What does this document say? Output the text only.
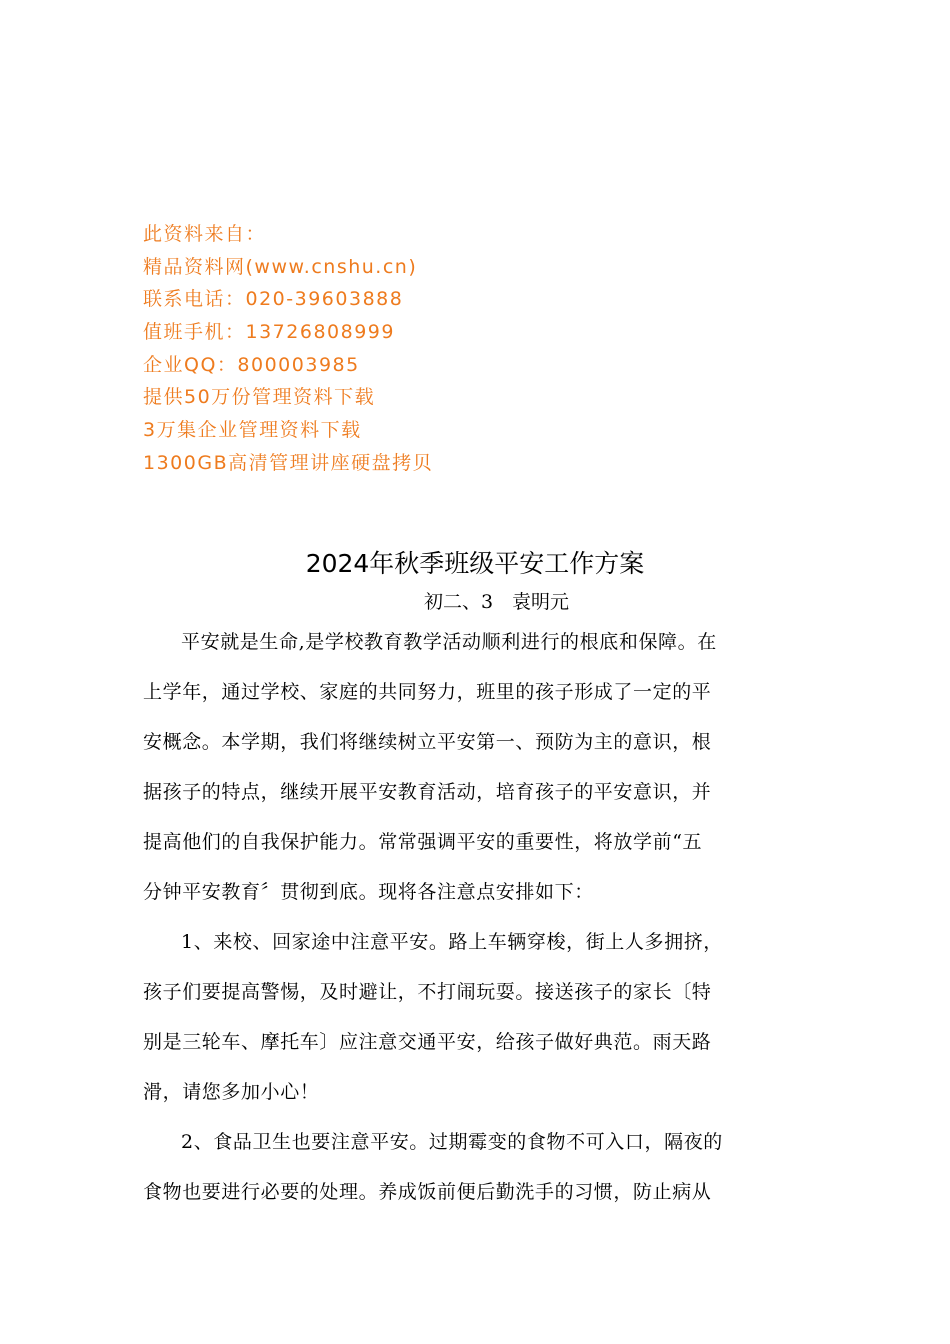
此资料来自：
精品资料网(www.cnshu.cn)
联系电话：020-39603888
值班手机：13726808999
企业QQ：800003985
提供50万份管理资料下载
3万集企业管理资料下载
1300GB高清管理讲座硬盘拷贝
2024年秋季班级平安工作方案
初二、3　袁明元
平安就是生命,是学校教育教学活动顺利进行的根底和保障。在
上学年，通过学校、家庭的共同努力，班里的孩子形成了一定的平
安概念。本学期，我们将继续树立平安第一、预防为主的意识，根
据孩子的特点，继续开展平安教育活动，培育孩子的平安意识，并
提高他们的自我保护能力。常常强调平安的重要性，将放学前“五
分钟平安教育〞贯彻到底。现将各注意点安排如下：
1、来校、回家途中注意平安。路上车辆穿梭，街上人多拥挤，
孩子们要提高警惕，及时避让，不打闹玩耍。接送孩子的家长〔特
别是三轮车、摩托车〕应注意交通平安，给孩子做好典范。雨天路
滑，请您多加小心！
2、食品卫生也要注意平安。过期霉变的食物不可入口，隔夜的
食物也要进行必要的处理。养成饭前便后勤洗手的习惯，防止病从
